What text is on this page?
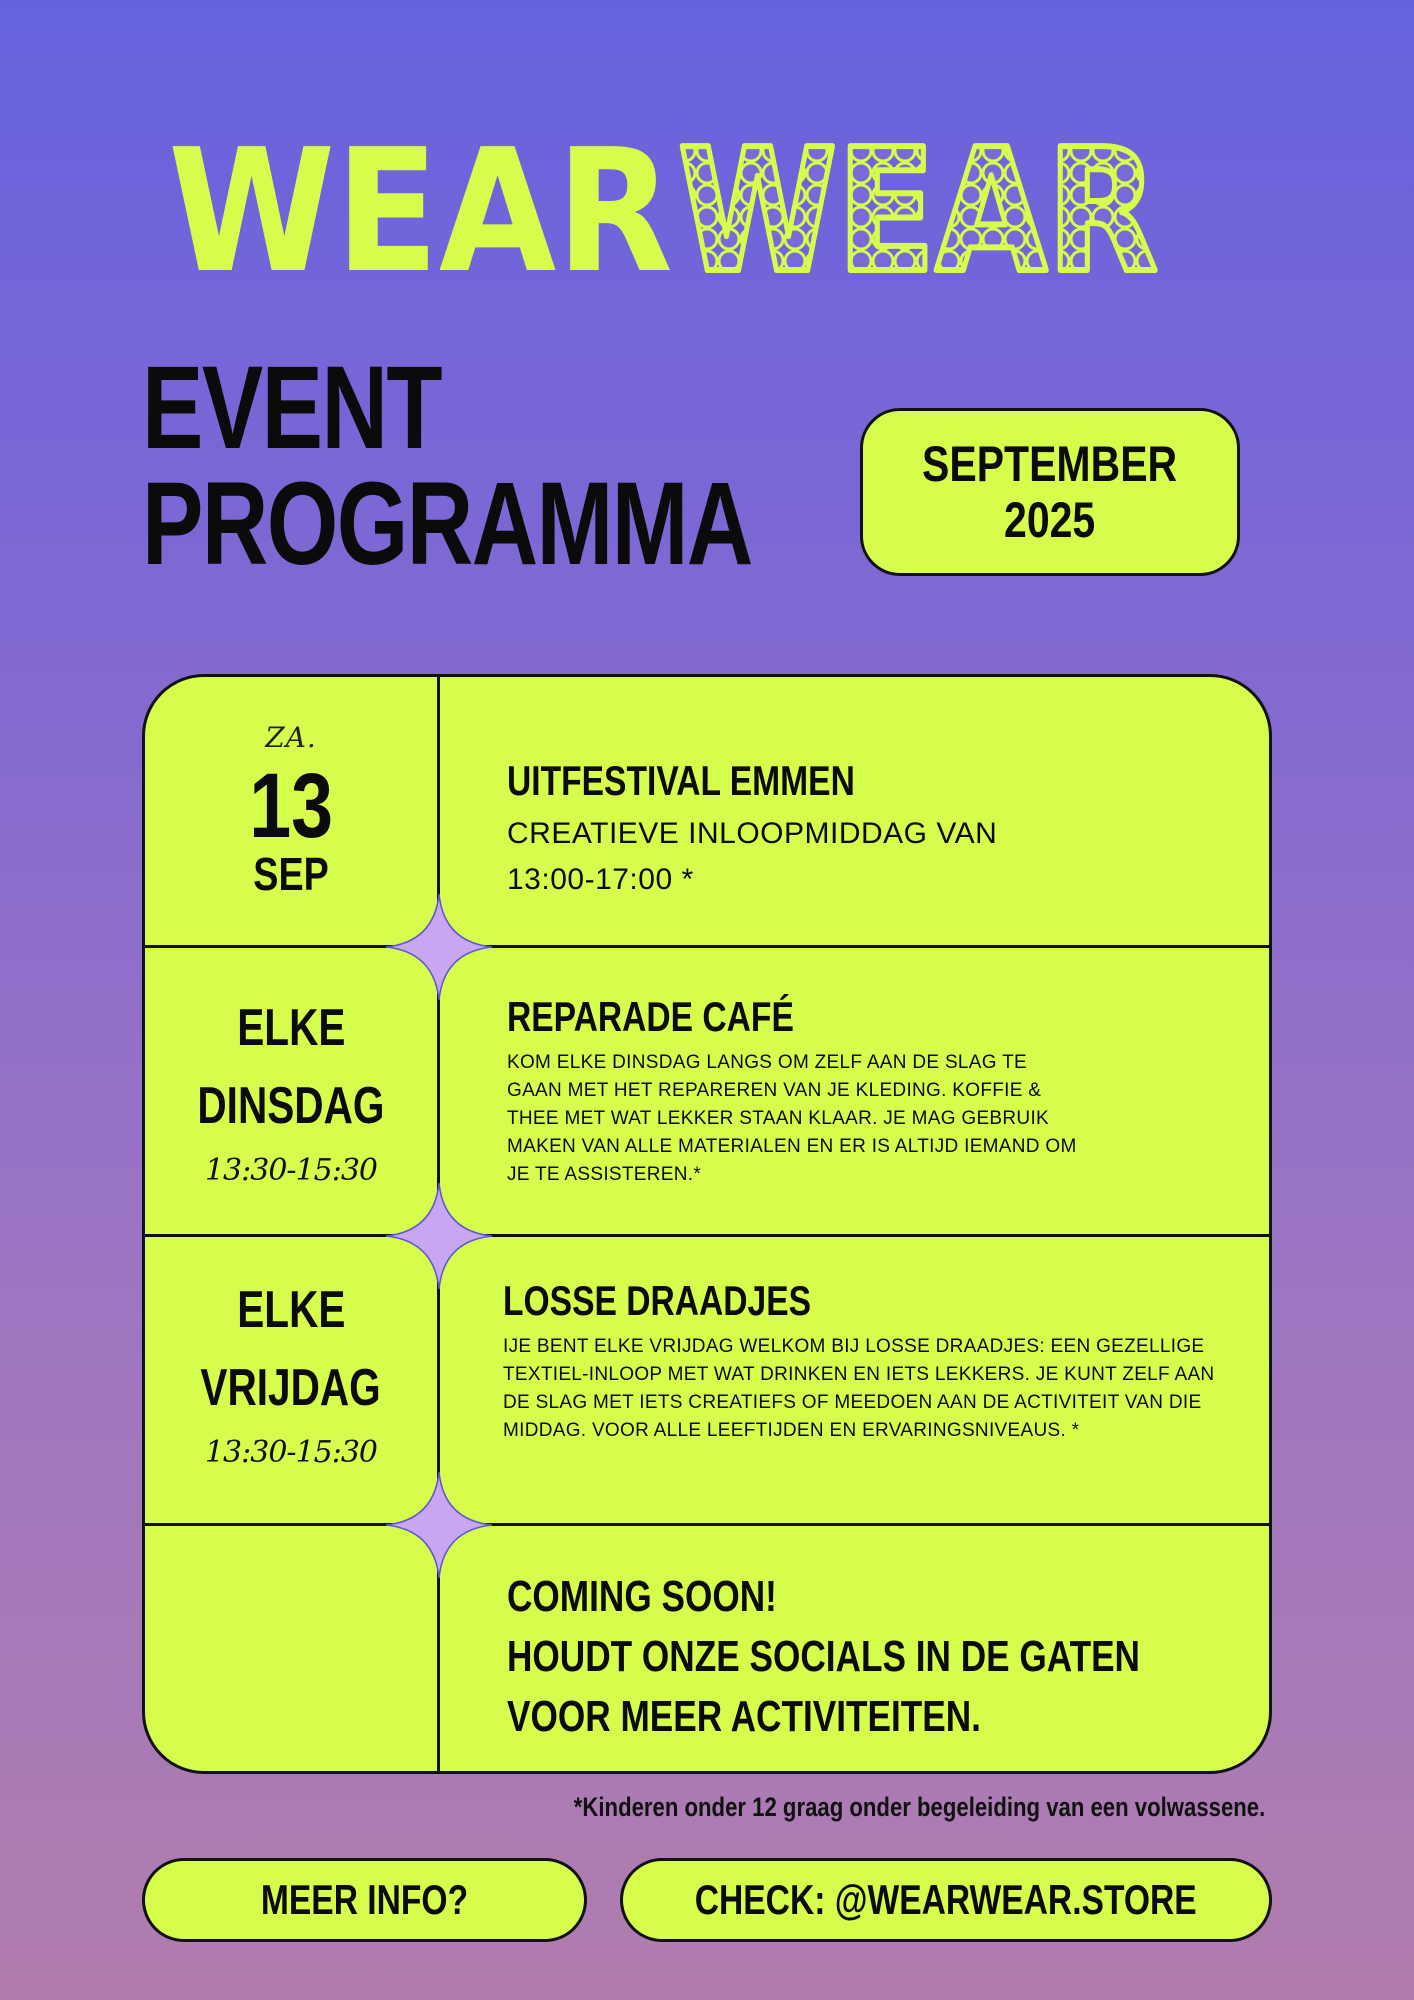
WEAR WEAR
EVENT
PROGRAMMA	SEPTEMBER
2025
ZA.
13
SEP
UITFESTIVAL EMMEN
CREATIEVE INLOOPMIDDAG VAN
13:00-17:00 *
ELKE
DINSDAG
13:30-15:30
REPARADE CAFÉ
KOM ELKE DINSDAG LANGS OM ZELF AAN DE SLAG TE GAAN MET HET REPAREREN VAN JE KLEDING. KOFFIE & THEE MET WAT LEKKER STAAN KLAAR. JE MAG GEBRUIK MAKEN VAN ALLE MATERIALEN EN ER IS ALTIJD IEMAND OM JE TE ASSISTEREN.*
ELKE
VRIJDAG
13:30-15:30
LOSSE DRAADJES
IJE BENT ELKE VRIJDAG WELKOM BIJ LOSSE DRAADJES: EEN GEZELLIGE TEXTIEL-INLOOP MET WAT DRINKEN EN IETS LEKKERS. JE KUNT ZELF AAN DE SLAG MET IETS CREATIEFS OF MEEDOEN AAN DE ACTIVITEIT VAN DIE MIDDAG. VOOR ALLE LEEFTIJDEN EN ERVARINGSNIVEAUS. *
COMING SOON!
HOUDT ONZE SOCIALS IN DE GATEN
VOOR MEER ACTIVITEITEN.
*Kinderen onder 12 graag onder begeleiding van een volwassene.
MEER INFO?	CHECK: @WEARWEAR.STORE
